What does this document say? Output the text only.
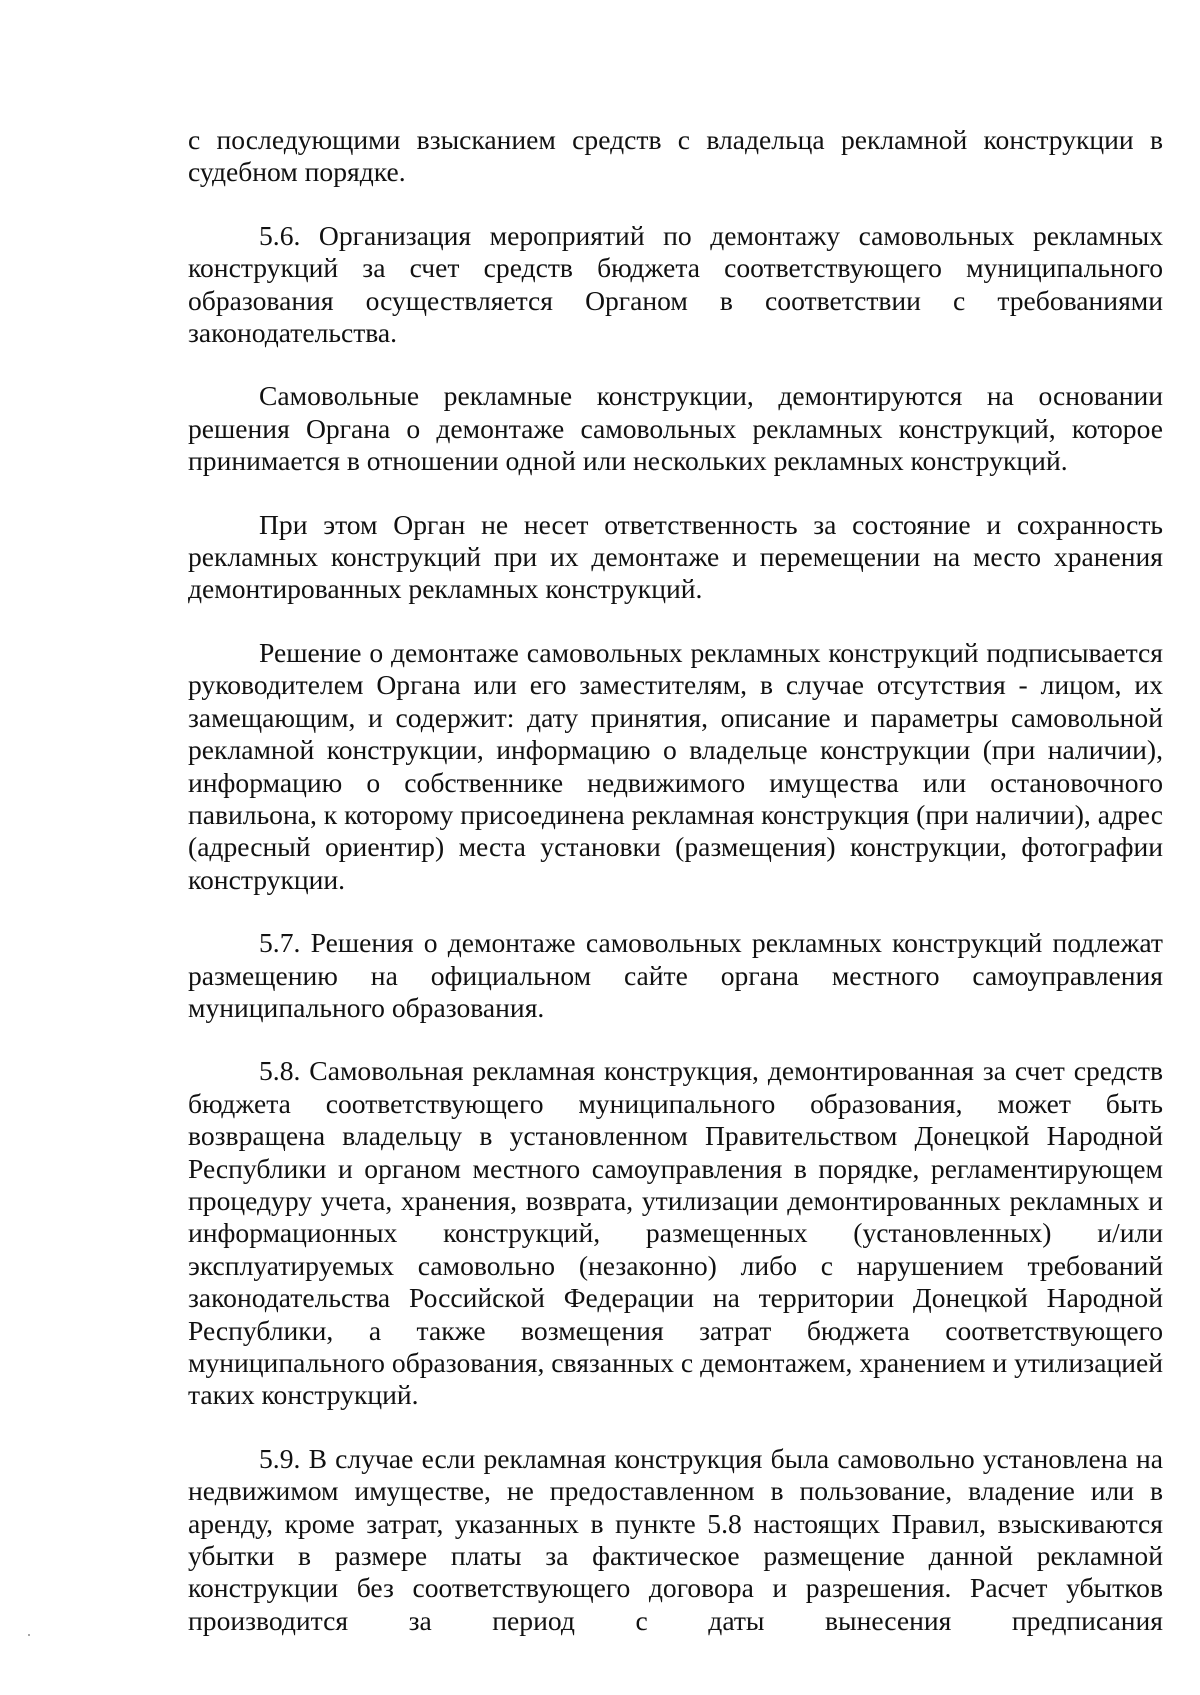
с последующими взысканием средств с владельца рекламной конструкции в судебном порядке.

5.6. Организация мероприятий по демонтажу самовольных рекламных конструкций за счет средств бюджета соответствующего муниципального образования осуществляется Органом в соответствии с требованиями законодательства.

Самовольные рекламные конструкции, демонтируются на основании решения Органа о демонтаже самовольных рекламных конструкций, которое принимается в отношении одной или нескольких рекламных конструкций.

При этом Орган не несет ответственность за состояние и сохранность рекламных конструкций при их демонтаже и перемещении на место хранения демонтированных рекламных конструкций.

Решение о демонтаже самовольных рекламных конструкций подписывается руководителем Органа или его заместителям, в случае отсутствия - лицом, их замещающим, и содержит: дату принятия, описание и параметры самовольной рекламной конструкции, информацию о владельце конструкции (при наличии), информацию о собственнике недвижимого имущества или остановочного павильона, к которому присоединена рекламная конструкция (при наличии), адрес (адресный ориентир) места установки (размещения) конструкции, фотографии конструкции.

5.7. Решения о демонтаже самовольных рекламных конструкций подлежат размещению на официальном сайте органа местного самоуправления муниципального образования.

5.8. Самовольная рекламная конструкция, демонтированная за счет средств бюджета соответствующего муниципального образования, может быть возвращена владельцу в установленном Правительством Донецкой Народной Республики и органом местного самоуправления в порядке, регламентирующем процедуру учета, хранения, возврата, утилизации демонтированных рекламных и информационных конструкций, размещенных (установленных) и/или эксплуатируемых самовольно (незаконно) либо с нарушением требований законодательства Российской Федерации на территории Донецкой Народной Республики, а также возмещения затрат бюджета соответствующего муниципального образования, связанных с демонтажем, хранением и утилизацией таких конструкций.

5.9. В случае если рекламная конструкция была самовольно установлена на недвижимом имуществе, не предоставленном в пользование, владение или в аренду, кроме затрат, указанных в пункте 5.8 настоящих Правил, взыскиваются убытки в размере платы за фактическое размещение данной рекламной конструкции без соответствующего договора и разрешения. Расчет убытков производится за период с даты вынесения предписания
